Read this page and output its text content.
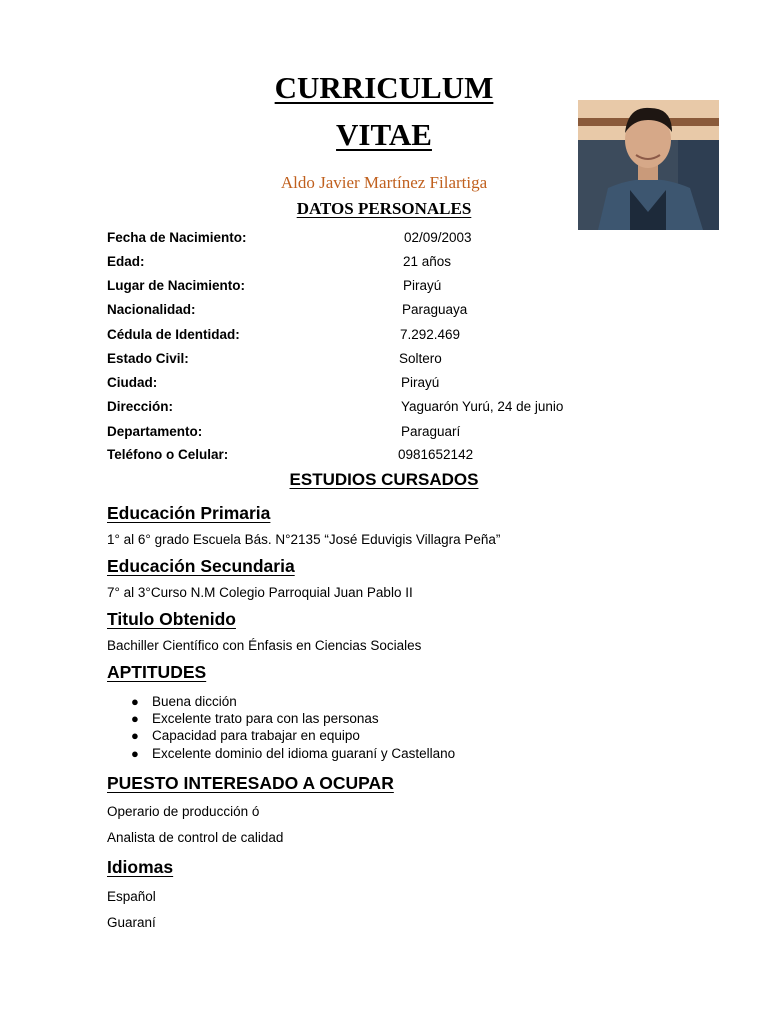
CURRICULUM
VITAE
Aldo Javier Martínez Filartiga
DATOS PERSONALES
Fecha de Nacimiento:	02/09/2003
Edad:	21 años
Lugar de Nacimiento:	Pirayú
Nacionalidad:	Paraguaya
Cédula de Identidad:	7.292.469
Estado Civil:	Soltero
Ciudad:	Pirayú
Dirección:	Yaguarón Yurú, 24 de junio
Departamento:	Paraguarí
Teléfono o Celular:	0981652142
ESTUDIOS CURSADOS
Educación Primaria
1° al 6° grado Escuela Bás. N°2135 “José Eduvigis Villagra Peña”
Educación Secundaria
7° al 3°Curso N.M Colegio Parroquial Juan Pablo II
Titulo Obtenido
Bachiller Científico con Énfasis en Ciencias Sociales
APTITUDES
● Buena dicción
● Excelente trato para con las personas
● Capacidad para trabajar en equipo
● Excelente dominio del idioma guaraní y Castellano
PUESTO INTERESADO A OCUPAR
Operario de producción ó
Analista de control de calidad
Idiomas
Español
Guaraní
